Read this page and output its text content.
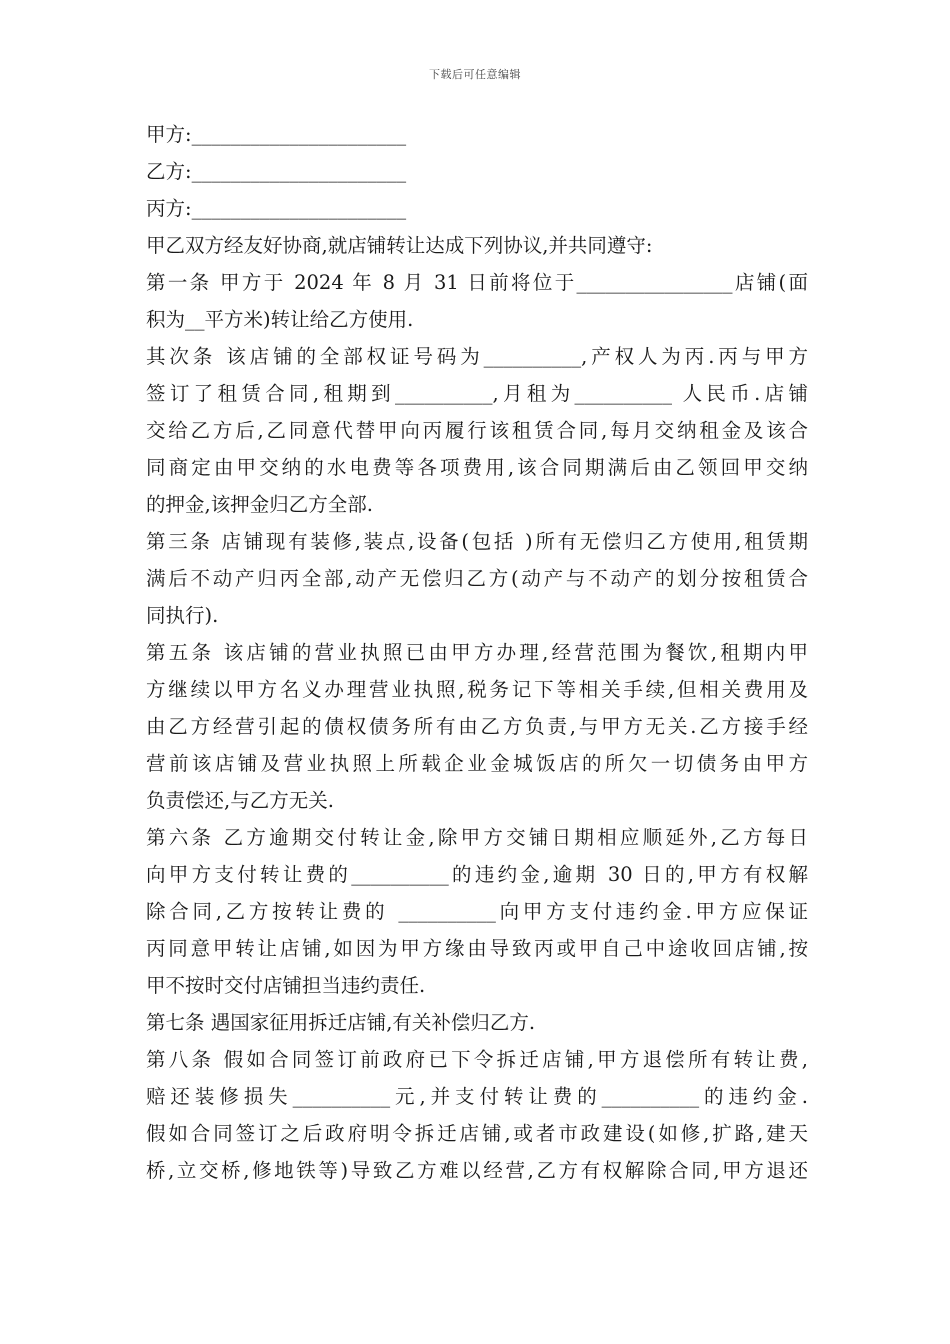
下载后可任意编辑
甲方:______________________
乙方:______________________
丙方:______________________
甲乙双方经友好协商,就店铺转让达成下列协议,并共同遵守:
第一条 甲方于 2024 年 8 月 31 日前将位于________________店铺(面
积为__平方米)转让给乙方使用.
其次条 该店铺的全部权证号码为__________,产权人为丙.丙与甲方
签订了租赁合同,租期到__________,月租为__________ 人民币.店铺
交给乙方后,乙同意代替甲向丙履行该租赁合同,每月交纳租金及该合
同商定由甲交纳的水电费等各项费用,该合同期满后由乙领回甲交纳
的押金,该押金归乙方全部.
第三条 店铺现有装修,装点,设备(包括 )所有无偿归乙方使用,租赁期
满后不动产归丙全部,动产无偿归乙方(动产与不动产的划分按租赁合
同执行).
第五条 该店铺的营业执照已由甲方办理,经营范围为餐饮,租期内甲
方继续以甲方名义办理营业执照,税务记下等相关手续,但相关费用及
由乙方经营引起的债权债务所有由乙方负责,与甲方无关.乙方接手经
营前该店铺及营业执照上所载企业金城饭店的所欠一切债务由甲方
负责偿还,与乙方无关.
第六条 乙方逾期交付转让金,除甲方交铺日期相应顺延外,乙方每日
向甲方支付转让费的__________的违约金,逾期 30 日的,甲方有权解
除合同,乙方按转让费的 __________向甲方支付违约金.甲方应保证
丙同意甲转让店铺,如因为甲方缘由导致丙或甲自己中途收回店铺,按
甲不按时交付店铺担当违约责任.
第七条 遇国家征用拆迁店铺,有关补偿归乙方.
第八条 假如合同签订前政府已下令拆迁店铺,甲方退偿所有转让费,
赔还装修损失__________元,并支付转让费的__________的违约金.
假如合同签订之后政府明令拆迁店铺,或者市政建设(如修,扩路,建天
桥,立交桥,修地铁等)导致乙方难以经营,乙方有权解除合同,甲方退还
